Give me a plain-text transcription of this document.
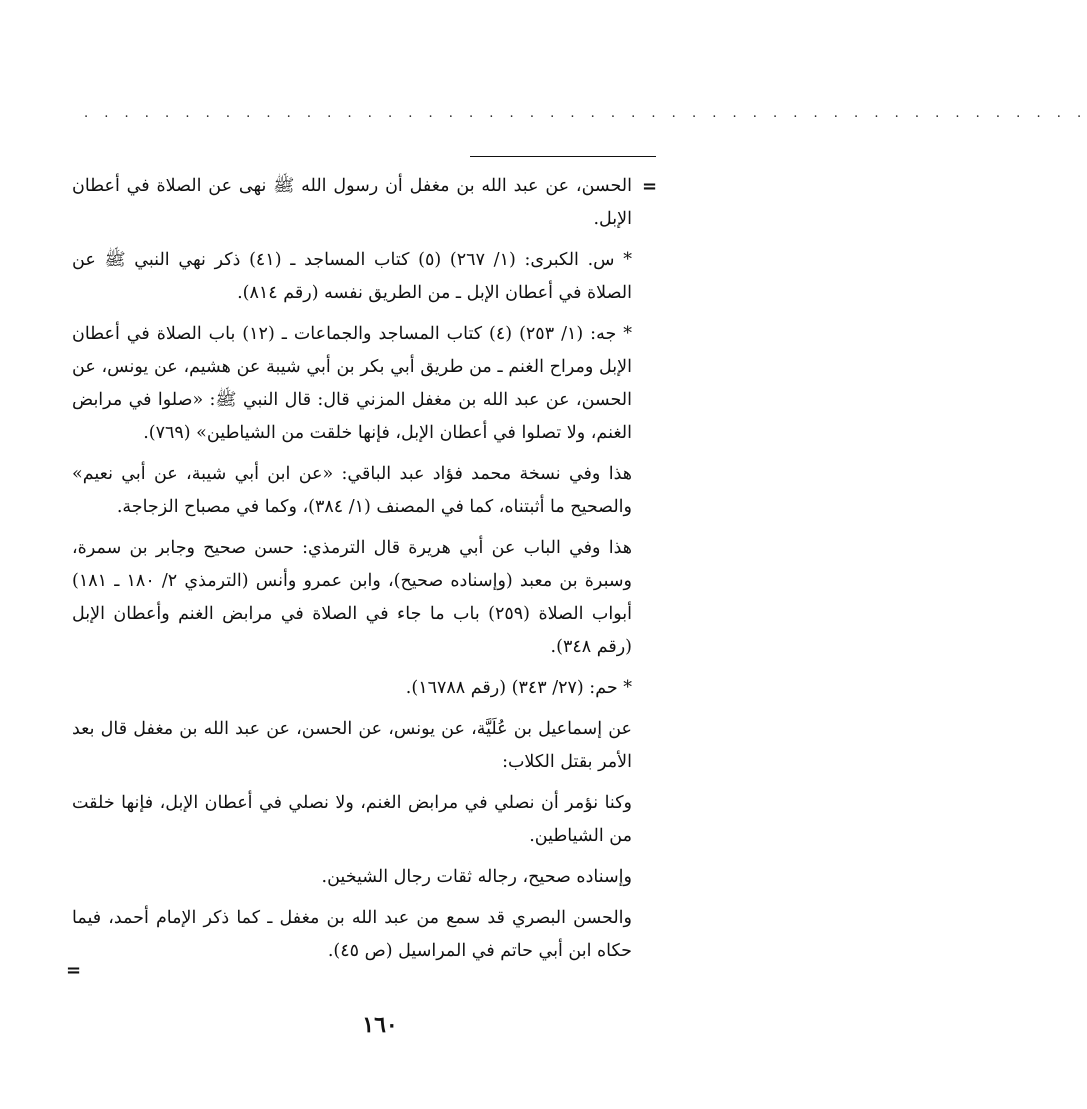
. . . . . . . . . . . . . . . . . . . . . . . . . . . . . . . . . . . . . . . . . . . . . . . . . .
=

الحسن، عن عبد الله بن مغفل أن رسول الله ﷺ نهى عن الصلاة في أعطان الإبل.

* س. الكبرى: (١/ ٢٦٧) (٥) كتاب المساجد ـ (٤١) ذكر نهي النبي ﷺ عن الصلاة في أعطان الإبل ـ من الطريق نفسه (رقم ٨١٤).

* جه: (١/ ٢٥٣) (٤) كتاب المساجد والجماعات ـ (١٢) باب الصلاة في أعطان الإبل ومراح الغنم ـ من طريق أبي بكر بن أبي شيبة عن هشيم، عن يونس، عن الحسن، عن عبد الله بن مغفل المزني قال: قال النبي ﷺ: «صلوا في مرابض الغنم، ولا تصلوا في أعطان الإبل، فإنها خلقت من الشياطين» (٧٦٩).

هذا وفي نسخة محمد فؤاد عبد الباقي: «عن ابن أبي شيبة، عن أبي نعيم» والصحيح ما أثبتناه، كما في المصنف (١/ ٣٨٤)، وكما في مصباح الزجاجة.

هذا وفي الباب عن أبي هريرة قال الترمذي: حسن صحيح وجابر بن سمرة، وسبرة بن معبد (وإسناده صحيح)، وابن عمرو وأنس (الترمذي ٢/ ١٨٠ ـ ١٨١) أبواب الصلاة (٢٥٩) باب ما جاء في الصلاة في مرابض الغنم وأعطان الإبل (رقم ٣٤٨).

* حم: (٢٧/ ٣٤٣) (رقم ١٦٧٨٨).

عن إسماعيل بن عُلَيَّة، عن يونس، عن الحسن، عن عبد الله بن مغفل قال بعد الأمر بقتل الكلاب:

وكنا نؤمر أن نصلي في مرابض الغنم، ولا نصلي في أعطان الإبل، فإنها خلقت من الشياطين.

وإسناده صحيح، رجاله ثقات رجال الشيخين.

والحسن البصري قد سمع من عبد الله بن مغفل ـ كما ذكر الإمام أحمد، فيما حكاه ابن أبي حاتم في المراسيل (ص ٤٥).

=
١٦٠
